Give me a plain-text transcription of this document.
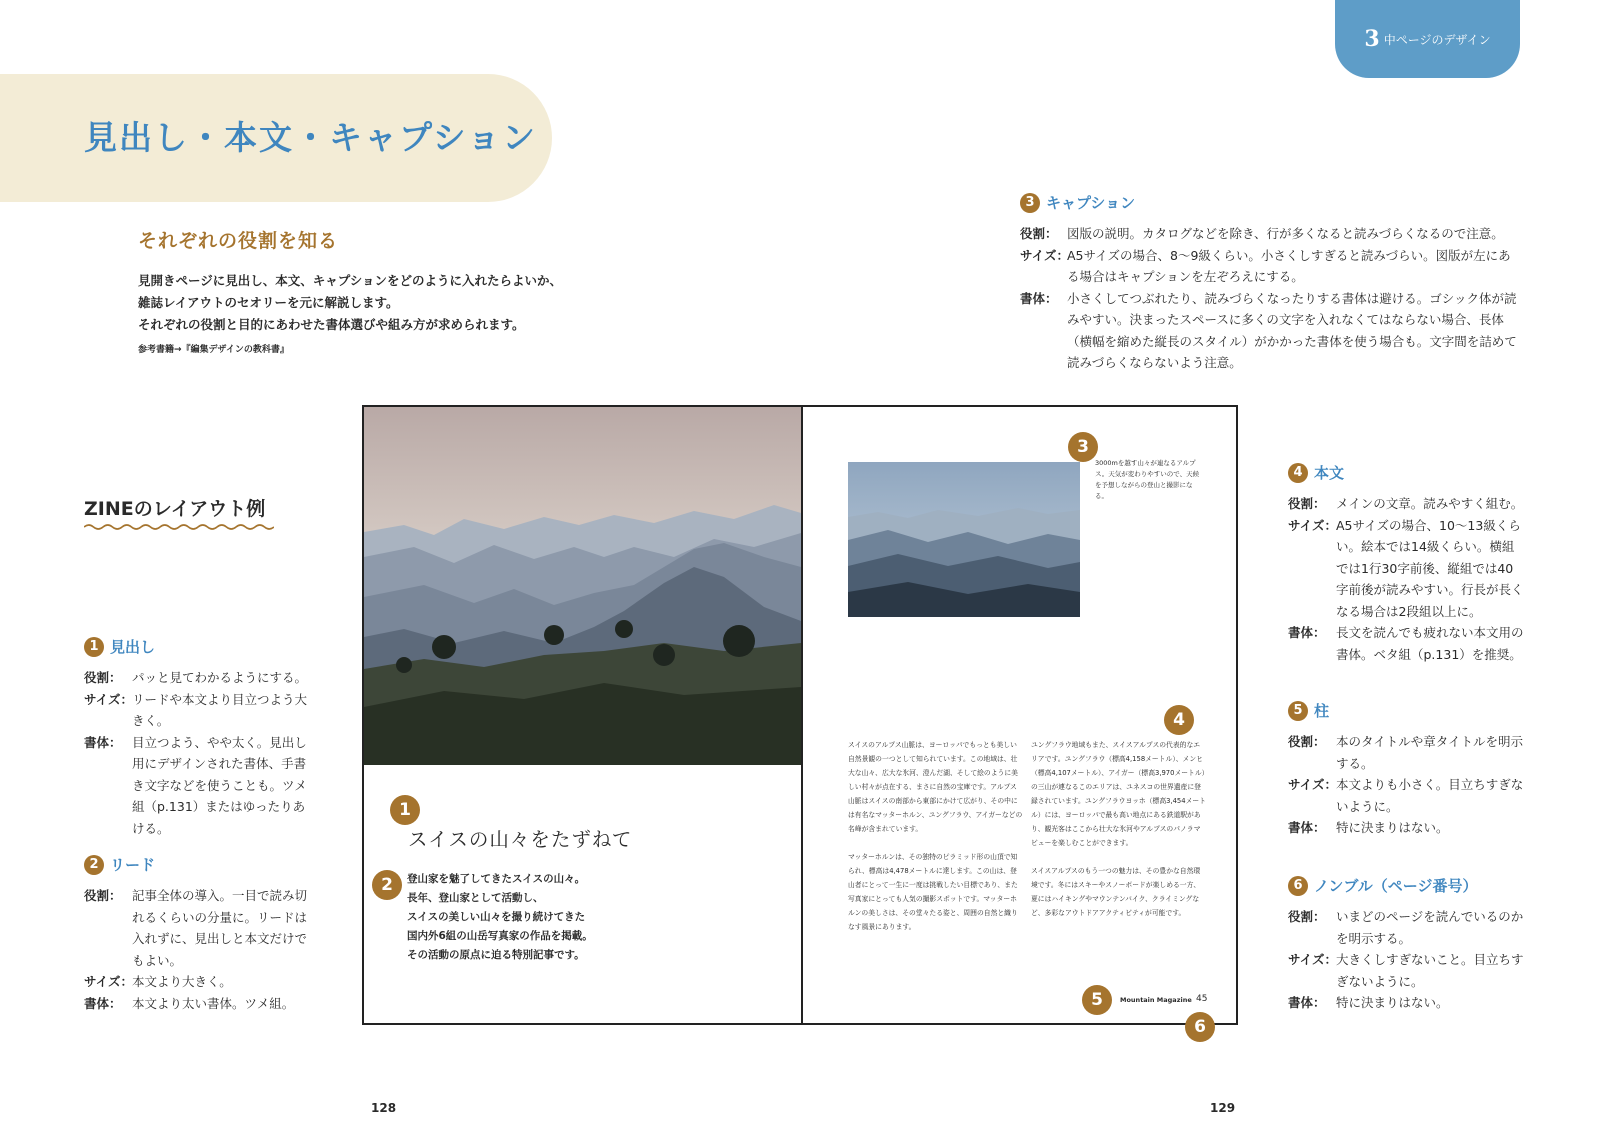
3 中ページのデザイン
見出し・本文・キャプション
それぞれの役割を知る
見開きページに見出し、本文、キャプションをどのように入れたらよいか、
雑誌レイアウトのセオリーを元に解説します。
それぞれの役割と目的にあわせた書体選びや組み方が求められます。
参考書籍→『編集デザインの教科書』
ZINEのレイアウト例
1 見出し
役割： パッと見てわかるようにする。
サイズ：
リードや本文より目立つよう大きく。
書体： 目立つよう、やや太く。見出し用にデザインされた書体、手書き文字などを使うことも。ツメ組（p.131）またはゆったりあける。
2 リード
役割： 記事全体の導入。一目で読み切れるくらいの分量に。リードは入れずに、見出しと本文だけでもよい。
サイズ：
本文より大きく。
書体： 本文より太い書体。ツメ組。
3 キャプション
役割： 図版の説明。カタログなどを除き、行が多くなると読みづらくなるので注意。
サイズ：
A5サイズの場合、8〜9級くらい。小さくしすぎると読みづらい。図版が左にある場合はキャプションを左ぞろえにする。
書体： 小さくしてつぶれたり、読みづらくなったりする書体は避ける。ゴシック体が読みやすい。決まったスペースに多くの文字を入れなくてはならない場合、長体（横幅を縮めた縦長のスタイル）がかかった書体を使う場合も。文字間を詰めて読みづらくならないよう注意。
4 本文
役割： メインの文章。読みやすく組む。
サイズ：
A5サイズの場合、10〜13級くらい。絵本では14級くらい。横組では1行30字前後、縦組では40字前後が読みやすい。行長が長くなる場合は2段組以上に。
書体： 長文を読んでも疲れない本文用の書体。ベタ組（p.131）を推奨。
5 柱
役割： 本のタイトルや章タイトルを明示する。
サイズ：
本文よりも小さく。目立ちすぎないように。
書体： 特に決まりはない。
6 ノンブル（ページ番号）
役割： いまどのページを読んでいるのかを明示する。
サイズ：
大きくしすぎないこと。目立ちすぎないように。
書体： 特に決まりはない。
1
スイスの山々をたずねて
2	登山家を魅了してきたスイスの山々。
長年、登山家として活動し、
スイスの美しい山々を撮り続けてきた
国内外6組の山岳写真家の作品を掲載。
その活動の原点に迫る特別記事です。
3
3000mを越す山々が連なるアルプス。天気が変わりやすいので、天候を予想しながらの登山と撮影になる。
4

スイスのアルプス山脈は、ヨーロッパでもっとも美しい自然景観の一つとして知られています。この地域は、壮大な山々、広大な氷河、澄んだ湖、そして絵のように美しい村々が点在する、まさに自然の宝庫です。アルプス山脈はスイスの南部から東部にかけて広がり、その中には有名なマッターホルン、ユングフラウ、アイガーなどの名峰が含まれています。

マッターホルンは、その独特のピラミッド形の山頂で知られ、標高は4,478メートルに達します。この山は、登山者にとって一生に一度は挑戦したい目標であり、また写真家にとっても人気の撮影スポットです。マッターホルンの美しさは、その堂々たる姿と、周囲の自然と織りなす風景にあります。

ユングフラウ地域もまた、スイスアルプスの代表的なエリアです。ユングフラウ（標高4,158メートル）、メンヒ（標高4,107メートル）、アイガー（標高3,970メートル）の三山が連なるこのエリアは、ユネスコの世界遺産に登録されています。ユングフラウヨッホ（標高3,454メートル）には、ヨーロッパで最も高い地点にある鉄道駅があり、観光客はここから壮大な氷河やアルプスのパノラマビューを楽しむことができます。

スイスアルプスのもう一つの魅力は、その豊かな自然環境です。冬にはスキーやスノーボードが楽しめる一方、夏にはハイキングやマウンテンバイク、クライミングなど、多彩なアウトドアアクティビティが可能です。

5	Mountain Magazine 45
6
128	129
